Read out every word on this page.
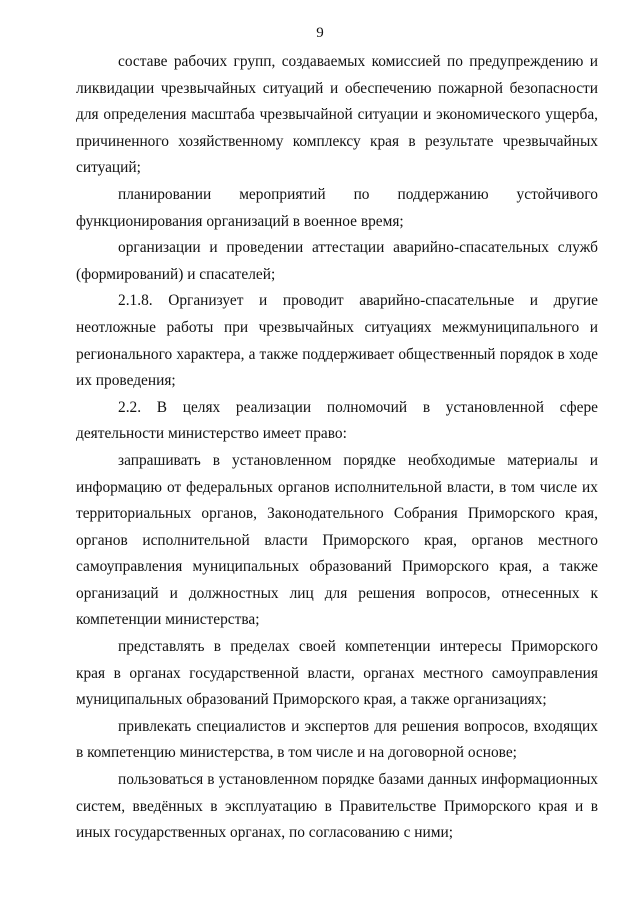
9

составе рабочих групп, создаваемых комиссией по предупреждению и ликвидации чрезвычайных ситуаций и обеспечению пожарной безопасности для определения масштаба чрезвычайной ситуации и экономического ущерба, причиненного хозяйственному комплексу края в результате чрезвычайных ситуаций;

планировании мероприятий по поддержанию устойчивого функционирования организаций в военное время;

организации и проведении аттестации аварийно-спасательных служб (формирований) и спасателей;

2.1.8. Организует и проводит аварийно-спасательные и другие неотложные работы при чрезвычайных ситуациях межмуниципального и регионального характера, а также поддерживает общественный порядок в ходе их проведения;

2.2. В целях реализации полномочий в установленной сфере деятельности министерство имеет право:

запрашивать в установленном порядке необходимые материалы и информацию от федеральных органов исполнительной власти, в том числе их территориальных органов, Законодательного Собрания Приморского края, органов исполнительной власти Приморского края, органов местного самоуправления муниципальных образований Приморского края, а также организаций и должностных лиц для решения вопросов, отнесенных к компетенции министерства;

представлять в пределах своей компетенции интересы Приморского края в органах государственной власти, органах местного самоуправления муниципальных образований Приморского края, а также организациях;

привлекать специалистов и экспертов для решения вопросов, входящих в компетенцию министерства, в том числе и на договорной основе;

пользоваться в установленном порядке базами данных информационных систем, введённых в эксплуатацию в Правительстве Приморского края и в иных государственных органах, по согласованию с ними;
